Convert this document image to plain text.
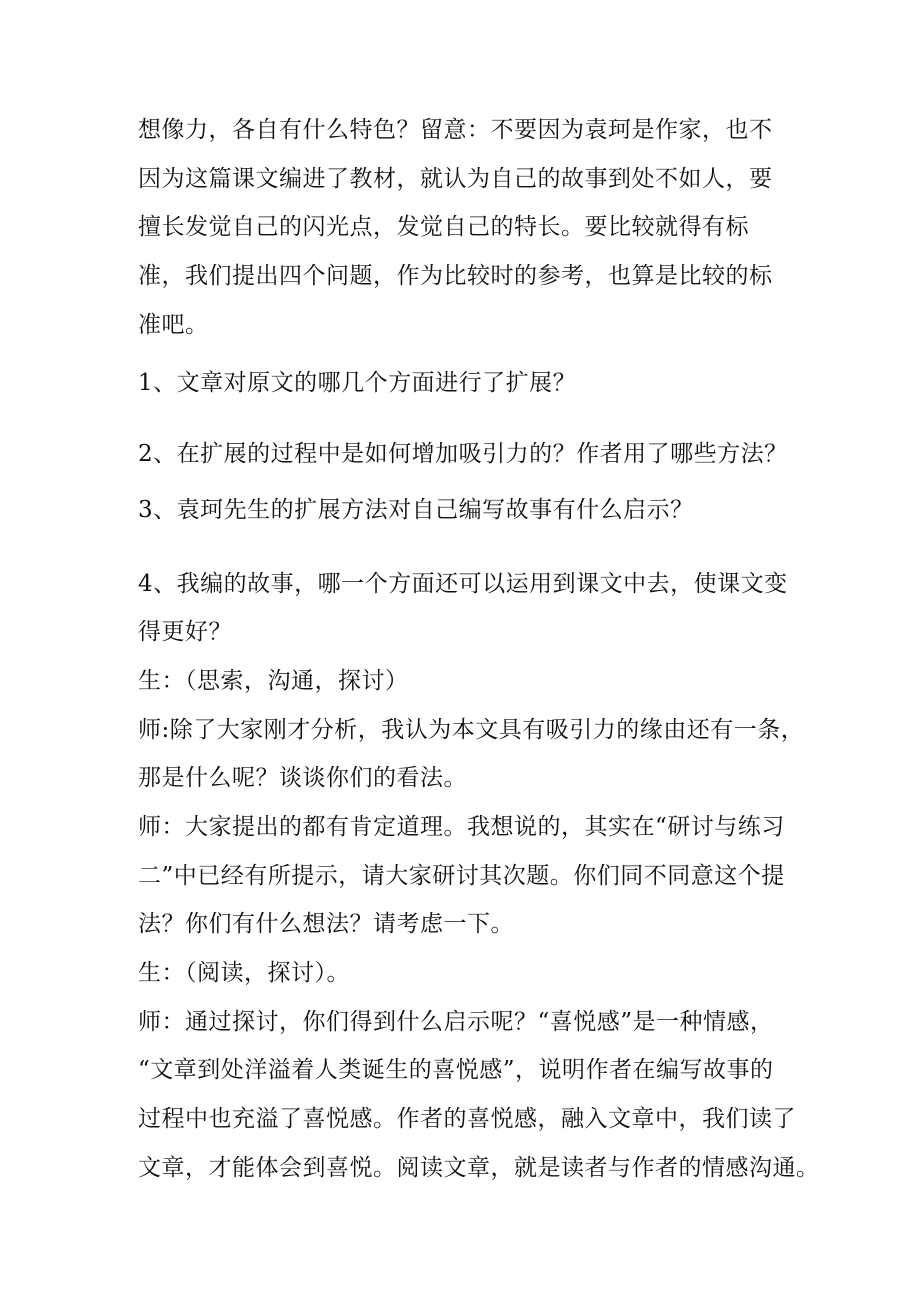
想像力，各自有什么特色？留意：不要因为袁珂是作家，也不
因为这篇课文编进了教材，就认为自己的故事到处不如人，要
擅长发觉自己的闪光点，发觉自己的特长。要比较就得有标
准，我们提出四个问题，作为比较时的参考，也算是比较的标
准吧。
1、文章对原文的哪几个方面进行了扩展？
2、在扩展的过程中是如何增加吸引力的？作者用了哪些方法？
3、袁珂先生的扩展方法对自己编写故事有什么启示？
4、我编的故事，哪一个方面还可以运用到课文中去，使课文变
得更好？
生：（思索，沟通，探讨）
师:除了大家刚才分析，我认为本文具有吸引力的缘由还有一条，
那是什么呢？谈谈你们的看法。
师：大家提出的都有肯定道理。我想说的，其实在“研讨与练习
二”中已经有所提示，请大家研讨其次题。你们同不同意这个提
法？你们有什么想法？请考虑一下。
生：（阅读，探讨）。
师：通过探讨，你们得到什么启示呢？“喜悦感”是一种情感，
“文章到处洋溢着人类诞生的喜悦感”，说明作者在编写故事的
过程中也充溢了喜悦感。作者的喜悦感，融入文章中，我们读了
文章，才能体会到喜悦。阅读文章，就是读者与作者的情感沟通。
